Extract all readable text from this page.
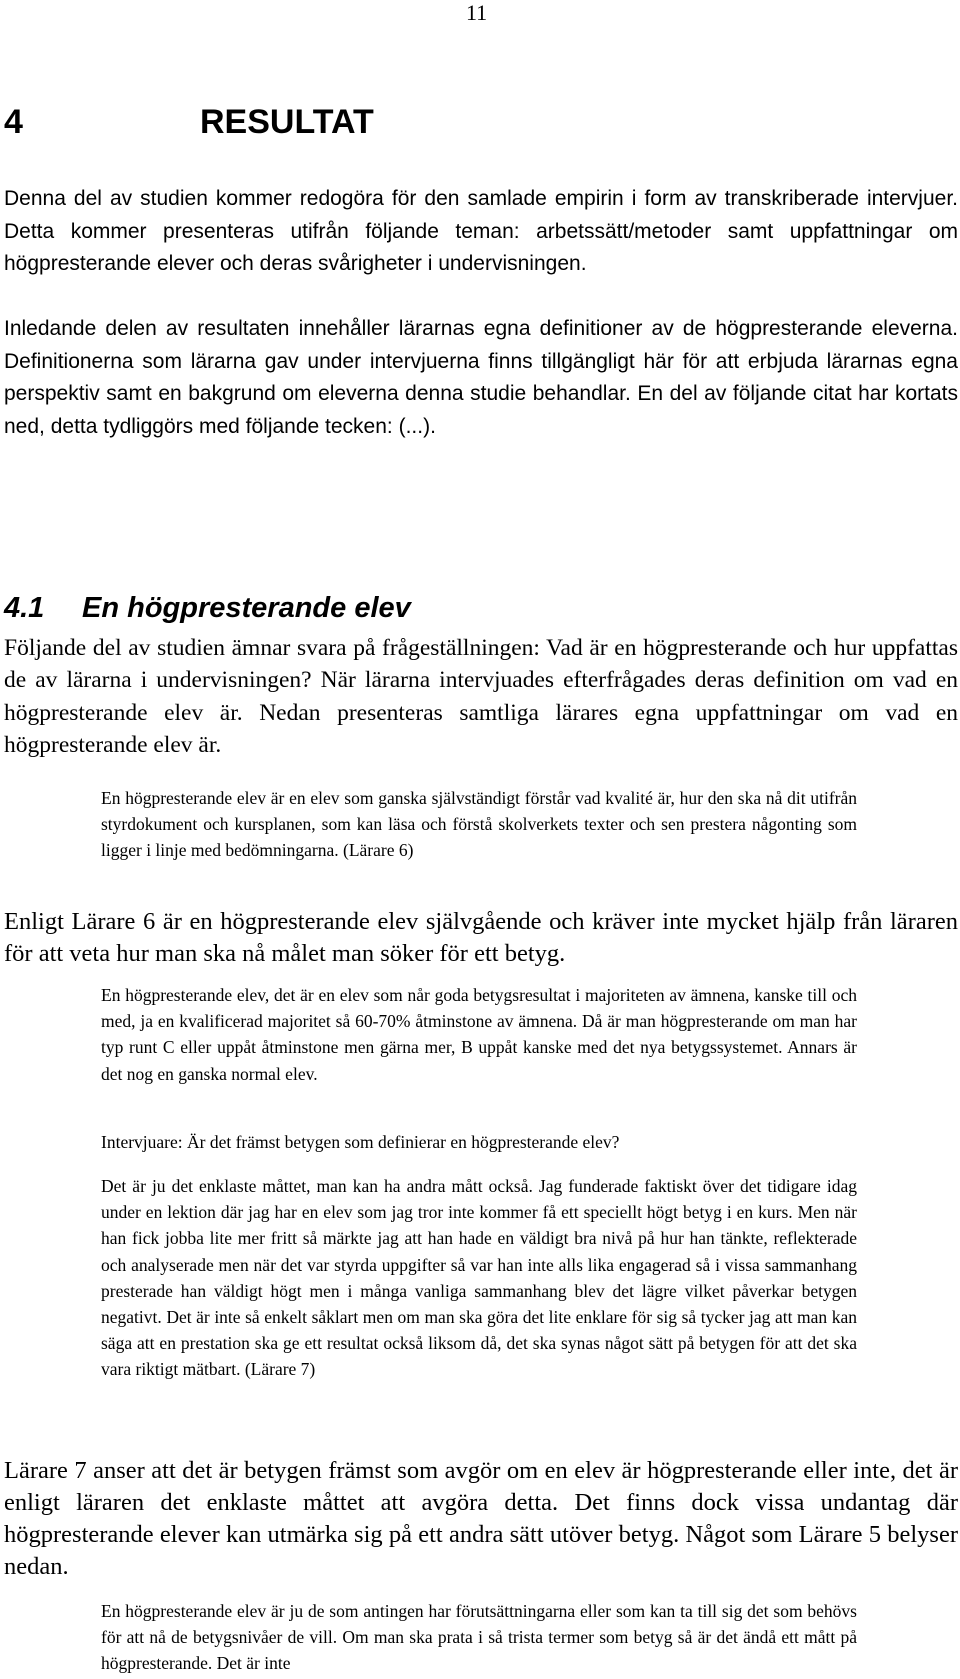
11
4	RESULTAT

Denna del av studien kommer redogöra för den samlade empirin i form av transkriberade intervjuer. Detta kommer presenteras utifrån följande teman: arbetssätt/metoder samt uppfattningar om högpresterande elever och deras svårigheter i undervisningen.

Inledande delen av resultaten innehåller lärarnas egna definitioner av de högpresterande eleverna. Definitionerna som lärarna gav under intervjuerna finns tillgängligt här för att erbjuda lärarnas egna perspektiv samt en bakgrund om eleverna denna studie behandlar. En del av följande citat har kortats ned, detta tydliggörs med följande tecken: (...).

4.1 En högpresterande elev

Följande del av studien ämnar svara på frågeställningen: Vad är en högpresterande och hur uppfattas de av lärarna i undervisningen? När lärarna intervjuades efterfrågades deras definition om vad en högpresterande elev är. Nedan presenteras samtliga lärares egna uppfattningar om vad en högpresterande elev är.

En högpresterande elev är en elev som ganska självständigt förstår vad kvalité är, hur den ska nå dit utifrån styrdokument och kursplanen, som kan läsa och förstå skolverkets texter och sen prestera någonting som ligger i linje med bedömningarna. (Lärare 6)

Enligt Lärare 6 är en högpresterande elev självgående och kräver inte mycket hjälp från läraren för att veta hur man ska nå målet man söker för ett betyg.

En högpresterande elev, det är en elev som når goda betygsresultat i majoriteten av ämnena, kanske till och med, ja en kvalificerad majoritet så 60-70% åtminstone av ämnena. Då är man högpresterande om man har typ runt C eller uppåt åtminstone men gärna mer, B uppåt kanske med det nya betygssystemet. Annars är det nog en ganska normal elev.

Intervjuare: Är det främst betygen som definierar en högpresterande elev?

Det är ju det enklaste måttet, man kan ha andra mått också. Jag funderade faktiskt över det tidigare idag under en lektion där jag har en elev som jag tror inte kommer få ett speciellt högt betyg i en kurs. Men när han fick jobba lite mer fritt så märkte jag att han hade en väldigt bra nivå på hur han tänkte, reflekterade och analyserade men när det var styrda uppgifter så var han inte alls lika engagerad så i vissa sammanhang presterade han väldigt högt men i många vanliga sammanhang blev det lägre vilket påverkar betygen negativt. Det är inte så enkelt såklart men om man ska göra det lite enklare för sig så tycker jag att man kan säga att en prestation ska ge ett resultat också liksom då, det ska synas något sätt på betygen för att det ska vara riktigt mätbart. (Lärare 7)

Lärare 7 anser att det är betygen främst som avgör om en elev är högpresterande eller inte, det är enligt läraren det enklaste måttet att avgöra detta. Det finns dock vissa undantag där högpresterande elever kan utmärka sig på ett andra sätt utöver betyg. Något som Lärare 5 belyser nedan.

En högpresterande elev är ju de som antingen har förutsättningarna eller som kan ta till sig det som behövs för att nå de betygsnivåer de vill. Om man ska prata i så trista termer som betyg så är det ändå ett mått på högpresterande. Det är inte
